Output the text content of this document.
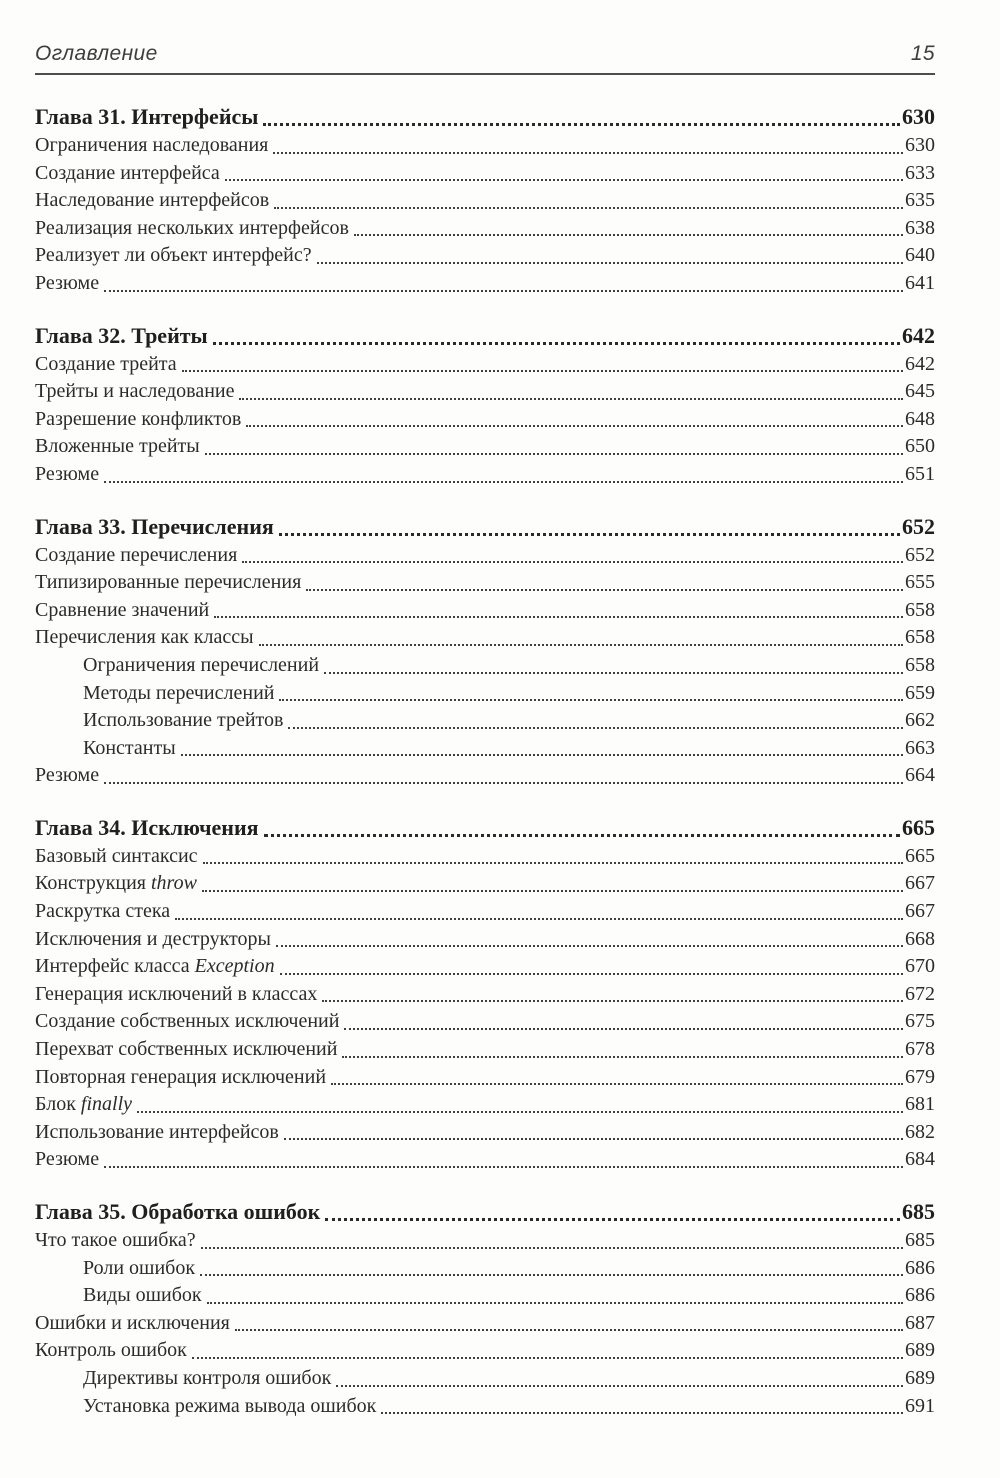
Оглавление	15
Глава 31. Интерфейсы	630
Ограничения наследования	630
Создание интерфейса	633
Наследование интерфейсов	635
Реализация нескольких интерфейсов	638
Реализует ли объект интерфейс?	640
Резюме	641
Глава 32. Трейты	642
Создание трейта	642
Трейты и наследование	645
Разрешение конфликтов	648
Вложенные трейты	650
Резюме	651
Глава 33. Перечисления	652
Создание перечисления	652
Типизированные перечисления	655
Сравнение значений	658
Перечисления как классы	658
Ограничения перечислений	658
Методы перечислений	659
Использование трейтов	662
Константы	663
Резюме	664
Глава 34. Исключения	665
Базовый синтаксис	665
Конструкция throw	667
Раскрутка стека	667
Исключения и деструкторы	668
Интерфейс класса Exception	670
Генерация исключений в классах	672
Создание собственных исключений	675
Перехват собственных исключений	678
Повторная генерация исключений	679
Блок finally	681
Использование интерфейсов	682
Резюме	684
Глава 35. Обработка ошибок	685
Что такое ошибка?	685
Роли ошибок	686
Виды ошибок	686
Ошибки и исключения	687
Контроль ошибок	689
Директивы контроля ошибок	689
Установка режима вывода ошибок	691
